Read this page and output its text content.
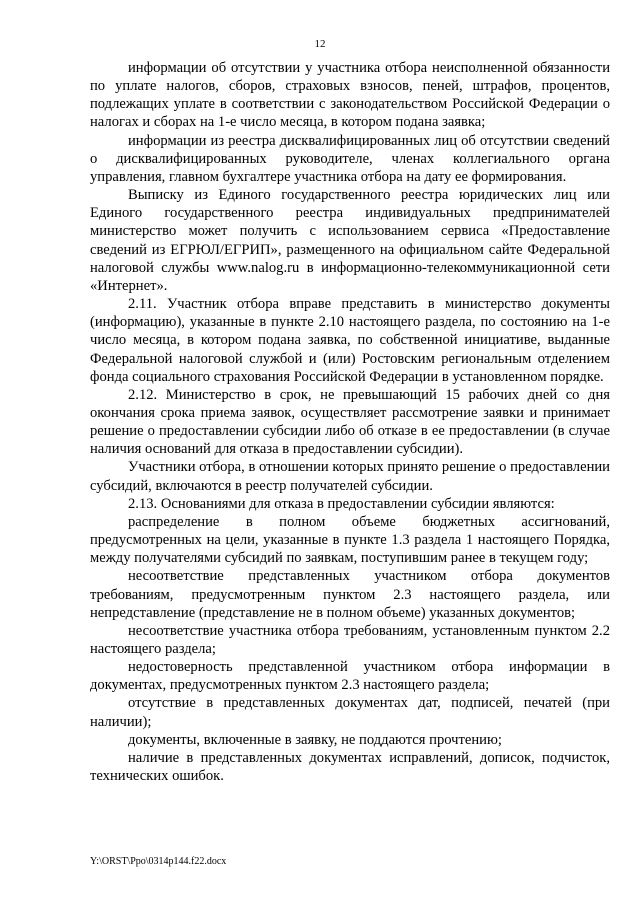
12

информации об отсутствии у участника отбора неисполненной обязанности по уплате налогов, сборов, страховых взносов, пеней, штрафов, процентов, подлежащих уплате в соответствии с законодательством Российской Федерации о налогах и сборах на 1-е число месяца, в котором подана заявка;

информации из реестра дисквалифицированных лиц об отсутствии сведений о дисквалифицированных руководителе, членах коллегиального органа управления, главном бухгалтере участника отбора на дату ее формирования.

Выписку из Единого государственного реестра юридических лиц или Единого государственного реестра индивидуальных предпринимателей министерство может получить с использованием сервиса «Предоставление сведений из ЕГРЮЛ/ЕГРИП», размещенного на официальном сайте Федеральной налоговой службы www.nalog.ru в информационно-телекоммуникационной сети «Интернет».

2.11. Участник отбора вправе представить в министерство документы (информацию), указанные в пункте 2.10 настоящего раздела, по состоянию на 1-е число месяца, в котором подана заявка, по собственной инициативе, выданные Федеральной налоговой службой и (или) Ростовским региональным отделением фонда социального страхования Российской Федерации в установленном порядке.

2.12. Министерство в срок, не превышающий 15 рабочих дней со дня окончания срока приема заявок, осуществляет рассмотрение заявки и принимает решение о предоставлении субсидии либо об отказе в ее предоставлении (в случае наличия оснований для отказа в предоставлении субсидии).

Участники отбора, в отношении которых принято решение о предоставлении субсидий, включаются в реестр получателей субсидии.

2.13. Основаниями для отказа в предоставлении субсидии являются:

распределение в полном объеме бюджетных ассигнований, предусмотренных на цели, указанные в пункте 1.3 раздела 1 настоящего Порядка, между получателями субсидий по заявкам, поступившим ранее в текущем году;

несоответствие представленных участником отбора документов требованиям, предусмотренным пунктом 2.3 настоящего раздела, или непредставление (представление не в полном объеме) указанных документов;

несоответствие участника отбора требованиям, установленным пунктом 2.2 настоящего раздела;

недостоверность представленной участником отбора информации в документах, предусмотренных пунктом 2.3 настоящего раздела;

отсутствие в представленных документах дат, подписей, печатей (при наличии);

документы, включенные в заявку, не поддаются прочтению;

наличие в представленных документах исправлений, дописок, подчисток, технических ошибок.

Y:\ORST\Ppo\0314p144.f22.docx
